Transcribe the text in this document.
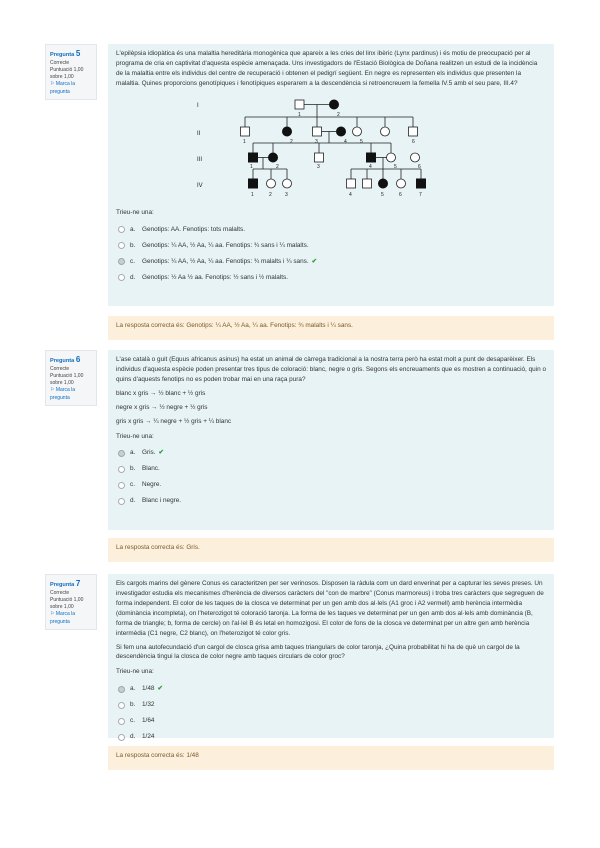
Pregunta 5
Correcte
Puntuació 1,00 sobre 1,00
⚐ Marca la pregunta

L'epilèpsia idiopàtica és una malaltia hereditària monogènica que apareix a les cries del linx ibèric (Lynx pardinus) i és motiu de preocupació per al programa de cria en captivitat d'aquesta espècie amenaçada. Uns investigadors de l'Estació Biològica de Doñana realitzen un estudi de la incidència de la malaltia entre els individus del centre de recuperació i obtenen el pedigrí següent. En negre es representen els individus que presenten la malaltia. Quines proporcions genotípiques i fenotípiques esperarem a la descendència si retroencreuem la femella IV.5 amb el seu pare, III.4?

I
II
III
IV
1	2
1	2	3	4	5	6
1	2	3	4	5	6
1	2	3	4	5	6	7
Trieu-ne una:
a.	Genotips: AA. Fenotips: tots malalts.
b.	Genotips: ¼ AA, ½ Aa, ¼ aa. Fenotips: ¾ sans i ¼ malalts.
c.	Genotips: ¼ AA, ½ Aa, ¼ aa. Fenotips: ¾ malalts i ¼ sans. ✔
d.	Genotips: ½ Aa ½ aa. Fenotips: ½ sans i ½ malalts.
La resposta correcta és: Genotips: ¼ AA, ½ Aa, ¼ aa. Fenotips: ¾ malalts i ¼ sans.
Pregunta 6
Correcte
Puntuació 1,00 sobre 1,00
⚐ Marca la pregunta

L'ase català o guit (Equus africanus asinus) ha estat un animal de càrrega tradicional a la nostra terra però ha estat molt a punt de desaparèixer. Els individus d'aquesta espècie poden presentar tres tipus de coloració: blanc, negre o gris. Segons els encreuaments que es mostren a continuació, quin o quins d'aquests fenotips no es poden trobar mai en una raça pura?

blanc x gris → ½ blanc + ½ gris

negre x gris → ½ negre + ½ gris

gris x gris → ¼ negre + ½ gris + ¼ blanc

Trieu-ne una:
a.	Gris. ✔
b.	Blanc.
c.	Negre.
d.	Blanc i negre.
La resposta correcta és: Gris.
Pregunta 7
Correcte
Puntuació 1,00 sobre 1,00
⚐ Marca la pregunta

Els cargols marins del gènere Conus es caracteritzen per ser verinosos. Disposen la ràdula com un dard enverinat per a capturar les seves preses. Un investigador estudia els mecanismes d'herència de diversos caràcters del "con de marbre" (Conus marmoreus) i troba tres caràcters que segreguen de forma independent. El color de les taques de la closca ve determinat per un gen amb dos al·lels (A1 groc i A2 vermell) amb herència intermèdia (dominància incompleta), on l'heterozigot té coloració taronja. La forma de les taques ve determinat per un gen amb dos al·lels amb dominància (B, forma de triangle; b, forma de cercle) on l'al·lel B és letal en homozigosi. El color de fons de la closca ve determinat per un altre gen amb herència intermèdia (C1 negre, C2 blanc), on l'heterozigot té color gris.

Si fem una autofecundació d'un cargol de closca grisa amb taques triangulars de color taronja, ¿Quina probabilitat hi ha de què un cargol de la descendència tingui la closca de color negre amb taques circulars de color groc?

Trieu-ne una:
a.	1/48 ✔
b.	1/32
c.	1/64
d.	1/24
La resposta correcta és: 1/48
